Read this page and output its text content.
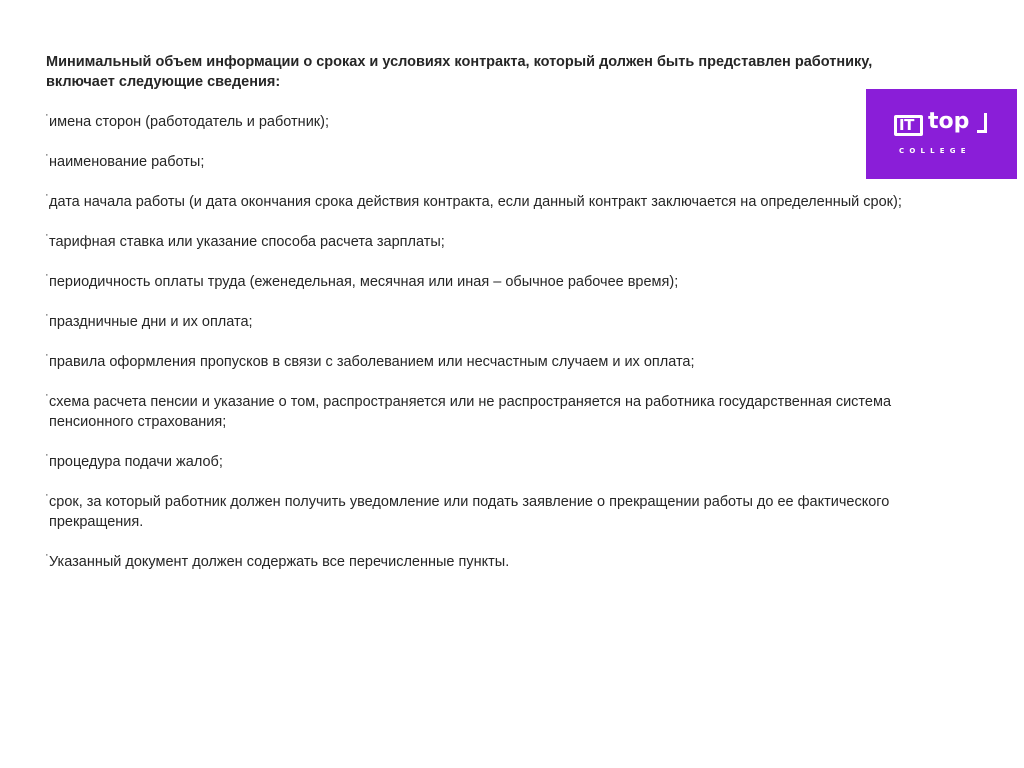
Минимальный объем информации о сроках и условиях контракта, который должен быть представлен работнику, включает следующие сведения:

· имена сторон (работодатель и работник);
· наименование работы;
· дата начала работы (и дата окончания срока действия контракта, если данный контракт заключается на определенный срок);
· тарифная ставка или указание способа расчета зарплаты;
· периодичность оплаты труда (еженедельная, месячная или иная – обычное рабочее время);
· праздничные дни и их оплата;
· правила оформления пропусков в связи с заболеванием или несчастным случаем и их оплата;
· схема расчета пенсии и указание о том, распространяется или не распространяется на работника государственная система пенсионного страхования;
· процедура подачи жалоб;
· срок, за который работник должен получить уведомление или подать заявление о прекращении работы до ее фактического прекращения.
· Указанный документ должен содержать все перечисленные пункты.
IT top
COLLEGE
